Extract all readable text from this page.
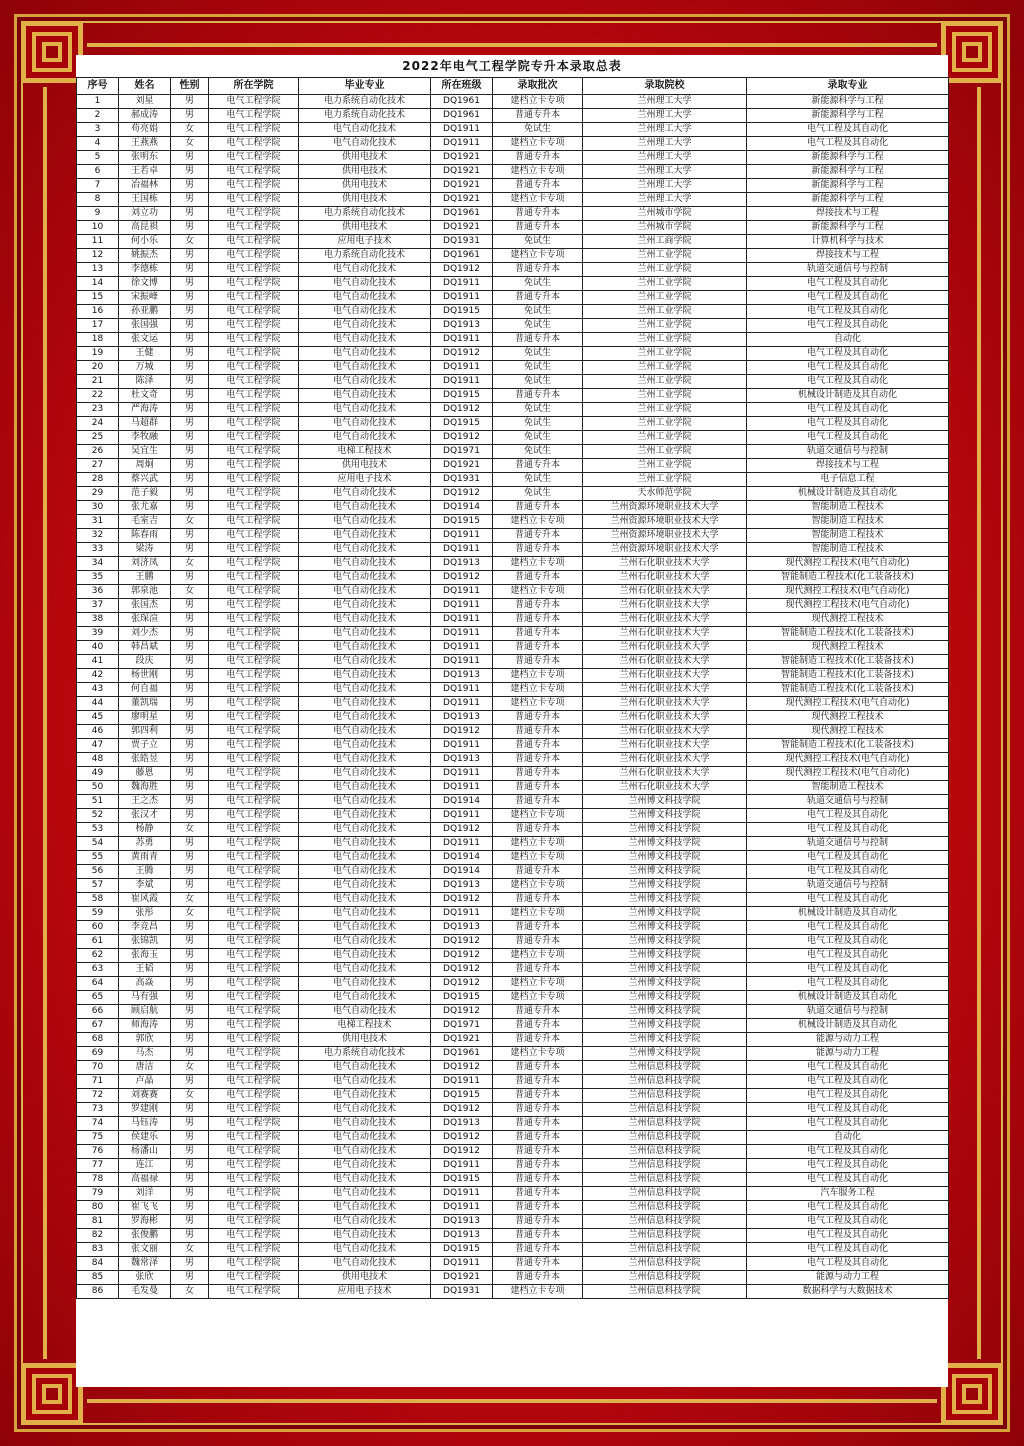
2022年电气工程学院专升本录取总表
序号	姓名	性别	所在学院	毕业专业	所在班级	录取批次	录取院校	录取专业
1	刘星	男	电气工程学院	电力系统自动化技术	DQ1961	建档立卡专项	兰州理工大学	新能源科学与工程
2	郝成涛	男	电气工程学院	电力系统自动化技术	DQ1961	普通专升本	兰州理工大学	新能源科学与工程
3	苟亮娟	女	电气工程学院	电气自动化技术	DQ1911	免试生	兰州理工大学	电气工程及其自动化
4	王燕燕	女	电气工程学院	电气自动化技术	DQ1911	建档立卡专项	兰州理工大学	电气工程及其自动化
5	张明东	男	电气工程学院	供用电技术	DQ1921	普通专升本	兰州理工大学	新能源科学与工程
6	王若卓	男	电气工程学院	供用电技术	DQ1921	建档立卡专项	兰州理工大学	新能源科学与工程
7	冶福林	男	电气工程学院	供用电技术	DQ1921	普通专升本	兰州理工大学	新能源科学与工程
8	王国栋	男	电气工程学院	供用电技术	DQ1921	建档立卡专项	兰州理工大学	新能源科学与工程
9	刘立功	男	电气工程学院	电力系统自动化技术	DQ1961	普通专升本	兰州城市学院	焊接技术与工程
10	高昆祺	男	电气工程学院	供用电技术	DQ1921	普通专升本	兰州城市学院	新能源科学与工程
11	何小乐	女	电气工程学院	应用电子技术	DQ1931	免试生	兰州工商学院	计算机科学与技术
12	姚振杰	男	电气工程学院	电力系统自动化技术	DQ1961	建档立卡专项	兰州工业学院	焊接技术与工程
13	李德栋	男	电气工程学院	电气自动化技术	DQ1912	普通专升本	兰州工业学院	轨道交通信号与控制
14	徐文博	男	电气工程学院	电气自动化技术	DQ1911	免试生	兰州工业学院	电气工程及其自动化
15	宋振峰	男	电气工程学院	电气自动化技术	DQ1911	普通专升本	兰州工业学院	电气工程及其自动化
16	孙亚鹏	男	电气工程学院	电气自动化技术	DQ1915	免试生	兰州工业学院	电气工程及其自动化
17	张国强	男	电气工程学院	电气自动化技术	DQ1913	免试生	兰州工业学院	电气工程及其自动化
18	张文运	男	电气工程学院	电气自动化技术	DQ1911	普通专升本	兰州工业学院	自动化
19	王健	男	电气工程学院	电气自动化技术	DQ1912	免试生	兰州工业学院	电气工程及其自动化
20	万城	男	电气工程学院	电气自动化技术	DQ1911	免试生	兰州工业学院	电气工程及其自动化
21	陈泽	男	电气工程学院	电气自动化技术	DQ1911	免试生	兰州工业学院	电气工程及其自动化
22	杜文奇	男	电气工程学院	电气自动化技术	DQ1915	普通专升本	兰州工业学院	机械设计制造及其自动化
23	严海涛	男	电气工程学院	电气自动化技术	DQ1912	免试生	兰州工业学院	电气工程及其自动化
24	马超群	男	电气工程学院	电气自动化技术	DQ1915	免试生	兰州工业学院	电气工程及其自动化
25	李牧融	男	电气工程学院	电气自动化技术	DQ1912	免试生	兰州工业学院	电气工程及其自动化
26	吴宜生	男	电气工程学院	电梯工程技术	DQ1971	免试生	兰州工业学院	轨道交通信号与控制
27	周炯	男	电气工程学院	供用电技术	DQ1921	普通专升本	兰州工业学院	焊接技术与工程
28	蔡兴武	男	电气工程学院	应用电子技术	DQ1931	免试生	兰州工业学院	电子信息工程
29	范子毅	男	电气工程学院	电气自动化技术	DQ1912	免试生	天水师范学院	机械设计制造及其自动化
30	张尤嘉	男	电气工程学院	电气自动化技术	DQ1914	普通专升本	兰州资源环境职业技术大学	智能制造工程技术
31	毛室吉	女	电气工程学院	电气自动化技术	DQ1915	建档立卡专项	兰州资源环境职业技术大学	智能制造工程技术
32	陈春雨	男	电气工程学院	电气自动化技术	DQ1911	普通专升本	兰州资源环境职业技术大学	智能制造工程技术
33	梁涛	男	电气工程学院	电气自动化技术	DQ1911	普通专升本	兰州资源环境职业技术大学	智能制造工程技术
34	刘济凤	女	电气工程学院	电气自动化技术	DQ1913	建档立卡专项	兰州石化职业技术大学	现代测控工程技术(电气自动化)
35	王鹏	男	电气工程学院	电气自动化技术	DQ1912	普通专升本	兰州石化职业技术大学	智能制造工程技术(化工装备技术)
36	郭泉池	女	电气工程学院	电气自动化技术	DQ1911	建档立卡专项	兰州石化职业技术大学	现代测控工程技术(电气自动化)
37	张国杰	男	电气工程学院	电气自动化技术	DQ1911	普通专升本	兰州石化职业技术大学	现代测控工程技术(电气自动化)
38	张琛渲	男	电气工程学院	电气自动化技术	DQ1911	普通专升本	兰州石化职业技术大学	现代测控工程技术
39	刘少杰	男	电气工程学院	电气自动化技术	DQ1911	普通专升本	兰州石化职业技术大学	智能制造工程技术(化工装备技术)
40	韩昌斌	男	电气工程学院	电气自动化技术	DQ1911	普通专升本	兰州石化职业技术大学	现代测控工程技术
41	段庆	男	电气工程学院	电气自动化技术	DQ1911	普通专升本	兰州石化职业技术大学	智能制造工程技术(化工装备技术)
42	杨世刚	男	电气工程学院	电气自动化技术	DQ1913	建档立卡专项	兰州石化职业技术大学	智能制造工程技术(化工装备技术)
43	何自福	男	电气工程学院	电气自动化技术	DQ1911	建档立卡专项	兰州石化职业技术大学	智能制造工程技术(化工装备技术)
44	董凯瑞	男	电气工程学院	电气自动化技术	DQ1911	建档立卡专项	兰州石化职业技术大学	现代测控工程技术(电气自动化)
45	廖明星	男	电气工程学院	电气自动化技术	DQ1913	普通专升本	兰州石化职业技术大学	现代测控工程技术
46	郭四利	男	电气工程学院	电气自动化技术	DQ1912	普通专升本	兰州石化职业技术大学	现代测控工程技术
47	贾子立	男	电气工程学院	电气自动化技术	DQ1911	普通专升本	兰州石化职业技术大学	智能制造工程技术(化工装备技术)
48	张皓昱	男	电气工程学院	电气自动化技术	DQ1913	普通专升本	兰州石化职业技术大学	现代测控工程技术(电气自动化)
49	藤恩	男	电气工程学院	电气自动化技术	DQ1911	普通专升本	兰州石化职业技术大学	现代测控工程技术(电气自动化)
50	魏海胜	男	电气工程学院	电气自动化技术	DQ1911	普通专升本	兰州石化职业技术大学	智能制造工程技术
51	王之杰	男	电气工程学院	电气自动化技术	DQ1914	普通专升本	兰州博文科技学院	轨道交通信号与控制
52	张汉才	男	电气工程学院	电气自动化技术	DQ1911	建档立卡专项	兰州博文科技学院	电气工程及其自动化
53	杨静	女	电气工程学院	电气自动化技术	DQ1912	普通专升本	兰州博文科技学院	电气工程及其自动化
54	苏勇	男	电气工程学院	电气自动化技术	DQ1911	建档立卡专项	兰州博文科技学院	轨道交通信号与控制
55	黄雨青	男	电气工程学院	电气自动化技术	DQ1914	建档立卡专项	兰州博文科技学院	电气工程及其自动化
56	王腾	男	电气工程学院	电气自动化技术	DQ1914	普通专升本	兰州博文科技学院	电气工程及其自动化
57	李斌	男	电气工程学院	电气自动化技术	DQ1913	建档立卡专项	兰州博文科技学院	轨道交通信号与控制
58	崔风霞	女	电气工程学院	电气自动化技术	DQ1912	普通专升本	兰州博文科技学院	电气工程及其自动化
59	张彤	女	电气工程学院	电气自动化技术	DQ1911	建档立卡专项	兰州博文科技学院	机械设计制造及其自动化
60	李竞昌	男	电气工程学院	电气自动化技术	DQ1913	普通专升本	兰州博文科技学院	电气工程及其自动化
61	张锦凯	男	电气工程学院	电气自动化技术	DQ1912	普通专升本	兰州博文科技学院	电气工程及其自动化
62	张海玉	男	电气工程学院	电气自动化技术	DQ1912	建档立卡专项	兰州博文科技学院	电气工程及其自动化
63	王韬	男	电气工程学院	电气自动化技术	DQ1912	普通专升本	兰州博文科技学院	电气工程及其自动化
64	高焱	男	电气工程学院	电气自动化技术	DQ1912	建档立卡专项	兰州博文科技学院	电气工程及其自动化
65	马有强	男	电气工程学院	电气自动化技术	DQ1915	建档立卡专项	兰州博文科技学院	机械设计制造及其自动化
66	顾启航	男	电气工程学院	电气自动化技术	DQ1912	普通专升本	兰州博文科技学院	轨道交通信号与控制
67	师海涛	男	电气工程学院	电梯工程技术	DQ1971	普通专升本	兰州博文科技学院	机械设计制造及其自动化
68	郭欣	男	电气工程学院	供用电技术	DQ1921	普通专升本	兰州博文科技学院	能源与动力工程
69	马杰	男	电气工程学院	电力系统自动化技术	DQ1961	建档立卡专项	兰州博文科技学院	能源与动力工程
70	唐洁	女	电气工程学院	电气自动化技术	DQ1912	普通专升本	兰州信息科技学院	电气工程及其自动化
71	卢晶	男	电气工程学院	电气自动化技术	DQ1911	普通专升本	兰州信息科技学院	电气工程及其自动化
72	刘赛赛	女	电气工程学院	电气自动化技术	DQ1915	普通专升本	兰州信息科技学院	电气工程及其自动化
73	罗建刚	男	电气工程学院	电气自动化技术	DQ1912	普通专升本	兰州信息科技学院	电气工程及其自动化
74	马钰涛	男	电气工程学院	电气自动化技术	DQ1913	普通专升本	兰州信息科技学院	电气工程及其自动化
75	侯建乐	男	电气工程学院	电气自动化技术	DQ1912	普通专升本	兰州信息科技学院	自动化
76	杨潘山	男	电气工程学院	电气自动化技术	DQ1912	普通专升本	兰州信息科技学院	电气工程及其自动化
77	连江	男	电气工程学院	电气自动化技术	DQ1911	普通专升本	兰州信息科技学院	电气工程及其自动化
78	高福禄	男	电气工程学院	电气自动化技术	DQ1915	普通专升本	兰州信息科技学院	电气工程及其自动化
79	刘洋	男	电气工程学院	电气自动化技术	DQ1911	普通专升本	兰州信息科技学院	汽车服务工程
80	崔飞飞	男	电气工程学院	电气自动化技术	DQ1911	普通专升本	兰州信息科技学院	电气工程及其自动化
81	罗海彬	男	电气工程学院	电气自动化技术	DQ1913	普通专升本	兰州信息科技学院	电气工程及其自动化
82	张俊鹏	男	电气工程学院	电气自动化技术	DQ1913	普通专升本	兰州信息科技学院	电气工程及其自动化
83	张文丽	女	电气工程学院	电气自动化技术	DQ1915	普通专升本	兰州信息科技学院	电气工程及其自动化
84	魏常泽	男	电气工程学院	电气自动化技术	DQ1911	普通专升本	兰州信息科技学院	电气工程及其自动化
85	张欣	男	电气工程学院	供用电技术	DQ1921	普通专升本	兰州信息科技学院	能源与动力工程
86	毛发曼	女	电气工程学院	应用电子技术	DQ1931	建档立卡专项	兰州信息科技学院	数据科学与大数据技术
